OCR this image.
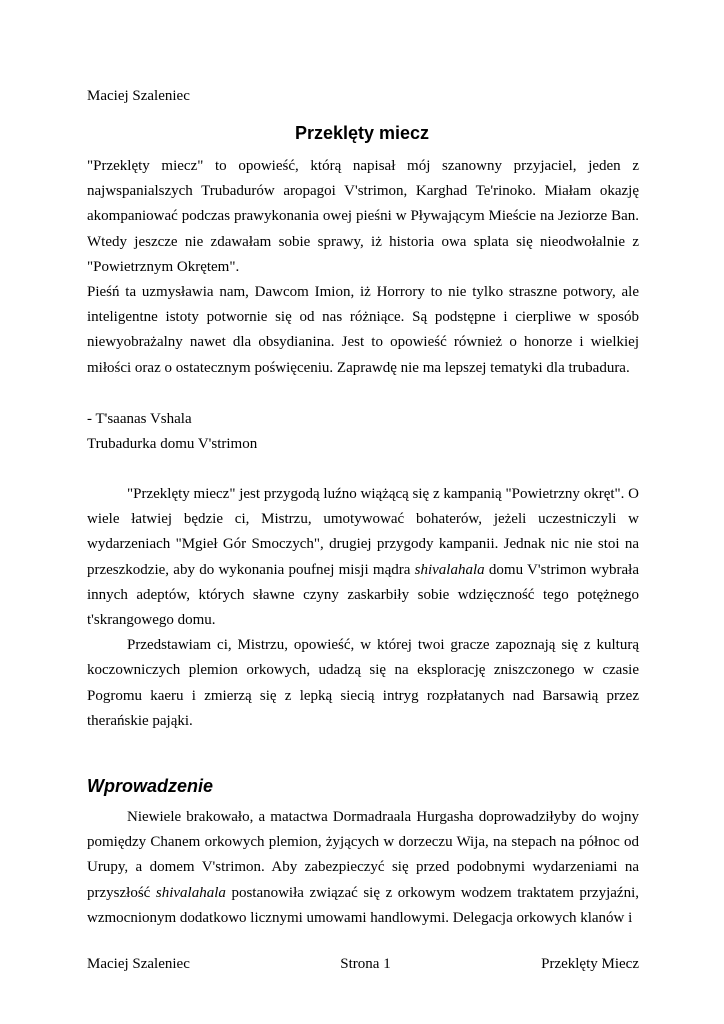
Maciej Szaleniec
Przeklęty miecz

"Przeklęty miecz" to opowieść, którą napisał mój szanowny przyjaciel, jeden z najwspanialszych Trubadurów aropagoi V'strimon, Karghad Te'rinoko. Miałam okazję akompaniować podczas prawykonania owej pieśni w Pływającym Mieście na Jeziorze Ban. Wtedy jeszcze nie zdawałam sobie sprawy, iż historia owa splata się nieodwołalnie z "Powietrznym Okrętem".

Pieśń ta uzmysławia nam, Dawcom Imion, iż Horrory to nie tylko straszne potwory, ale inteligentne istoty potwornie się od nas różniące. Są podstępne i cierpliwe w sposób niewyobrażalny nawet dla obsydianina. Jest to opowieść również o honorze i wielkiej miłości oraz o ostatecznym poświęceniu. Zaprawdę nie ma lepszej tematyki dla trubadura.

- T'saanas Vshala

Trubadurka domu V'strimon

"Przeklęty miecz" jest przygodą luźno wiążącą się z kampanią "Powietrzny okręt". O wiele łatwiej będzie ci, Mistrzu, umotywować bohaterów, jeżeli uczestniczyli w wydarzeniach "Mgieł Gór Smoczych", drugiej przygody kampanii. Jednak nic nie stoi na przeszkodzie, aby do wykonania poufnej misji mądra shivalahala domu V'strimon wybrała innych adeptów, których sławne czyny zaskarbiły sobie wdzięczność tego potężnego t'skrangowego domu.

Przedstawiam ci, Mistrzu, opowieść, w której twoi gracze zapoznają się z kulturą koczowniczych plemion orkowych, udadzą się na eksplorację zniszczonego w czasie Pogromu kaeru i zmierzą się z lepką siecią intryg rozpłatanych nad Barsawią przez therańskie pająki.

Wprowadzenie

Niewiele brakowało, a matactwa Dormadraala Hurgasha doprowadziłyby do wojny pomiędzy Chanem orkowych plemion, żyjących w dorzeczu Wija, na stepach na północ od Urupy, a domem V'strimon. Aby zabezpieczyć się przed podobnymi wydarzeniami na przyszłość shivalahala postanowiła związać się z orkowym wodzem traktatem przyjaźni, wzmocnionym dodatkowo licznymi umowami handlowymi. Delegacja orkowych klanów i

Maciej Szaleniec	Strona 1	Przeklęty Miecz
